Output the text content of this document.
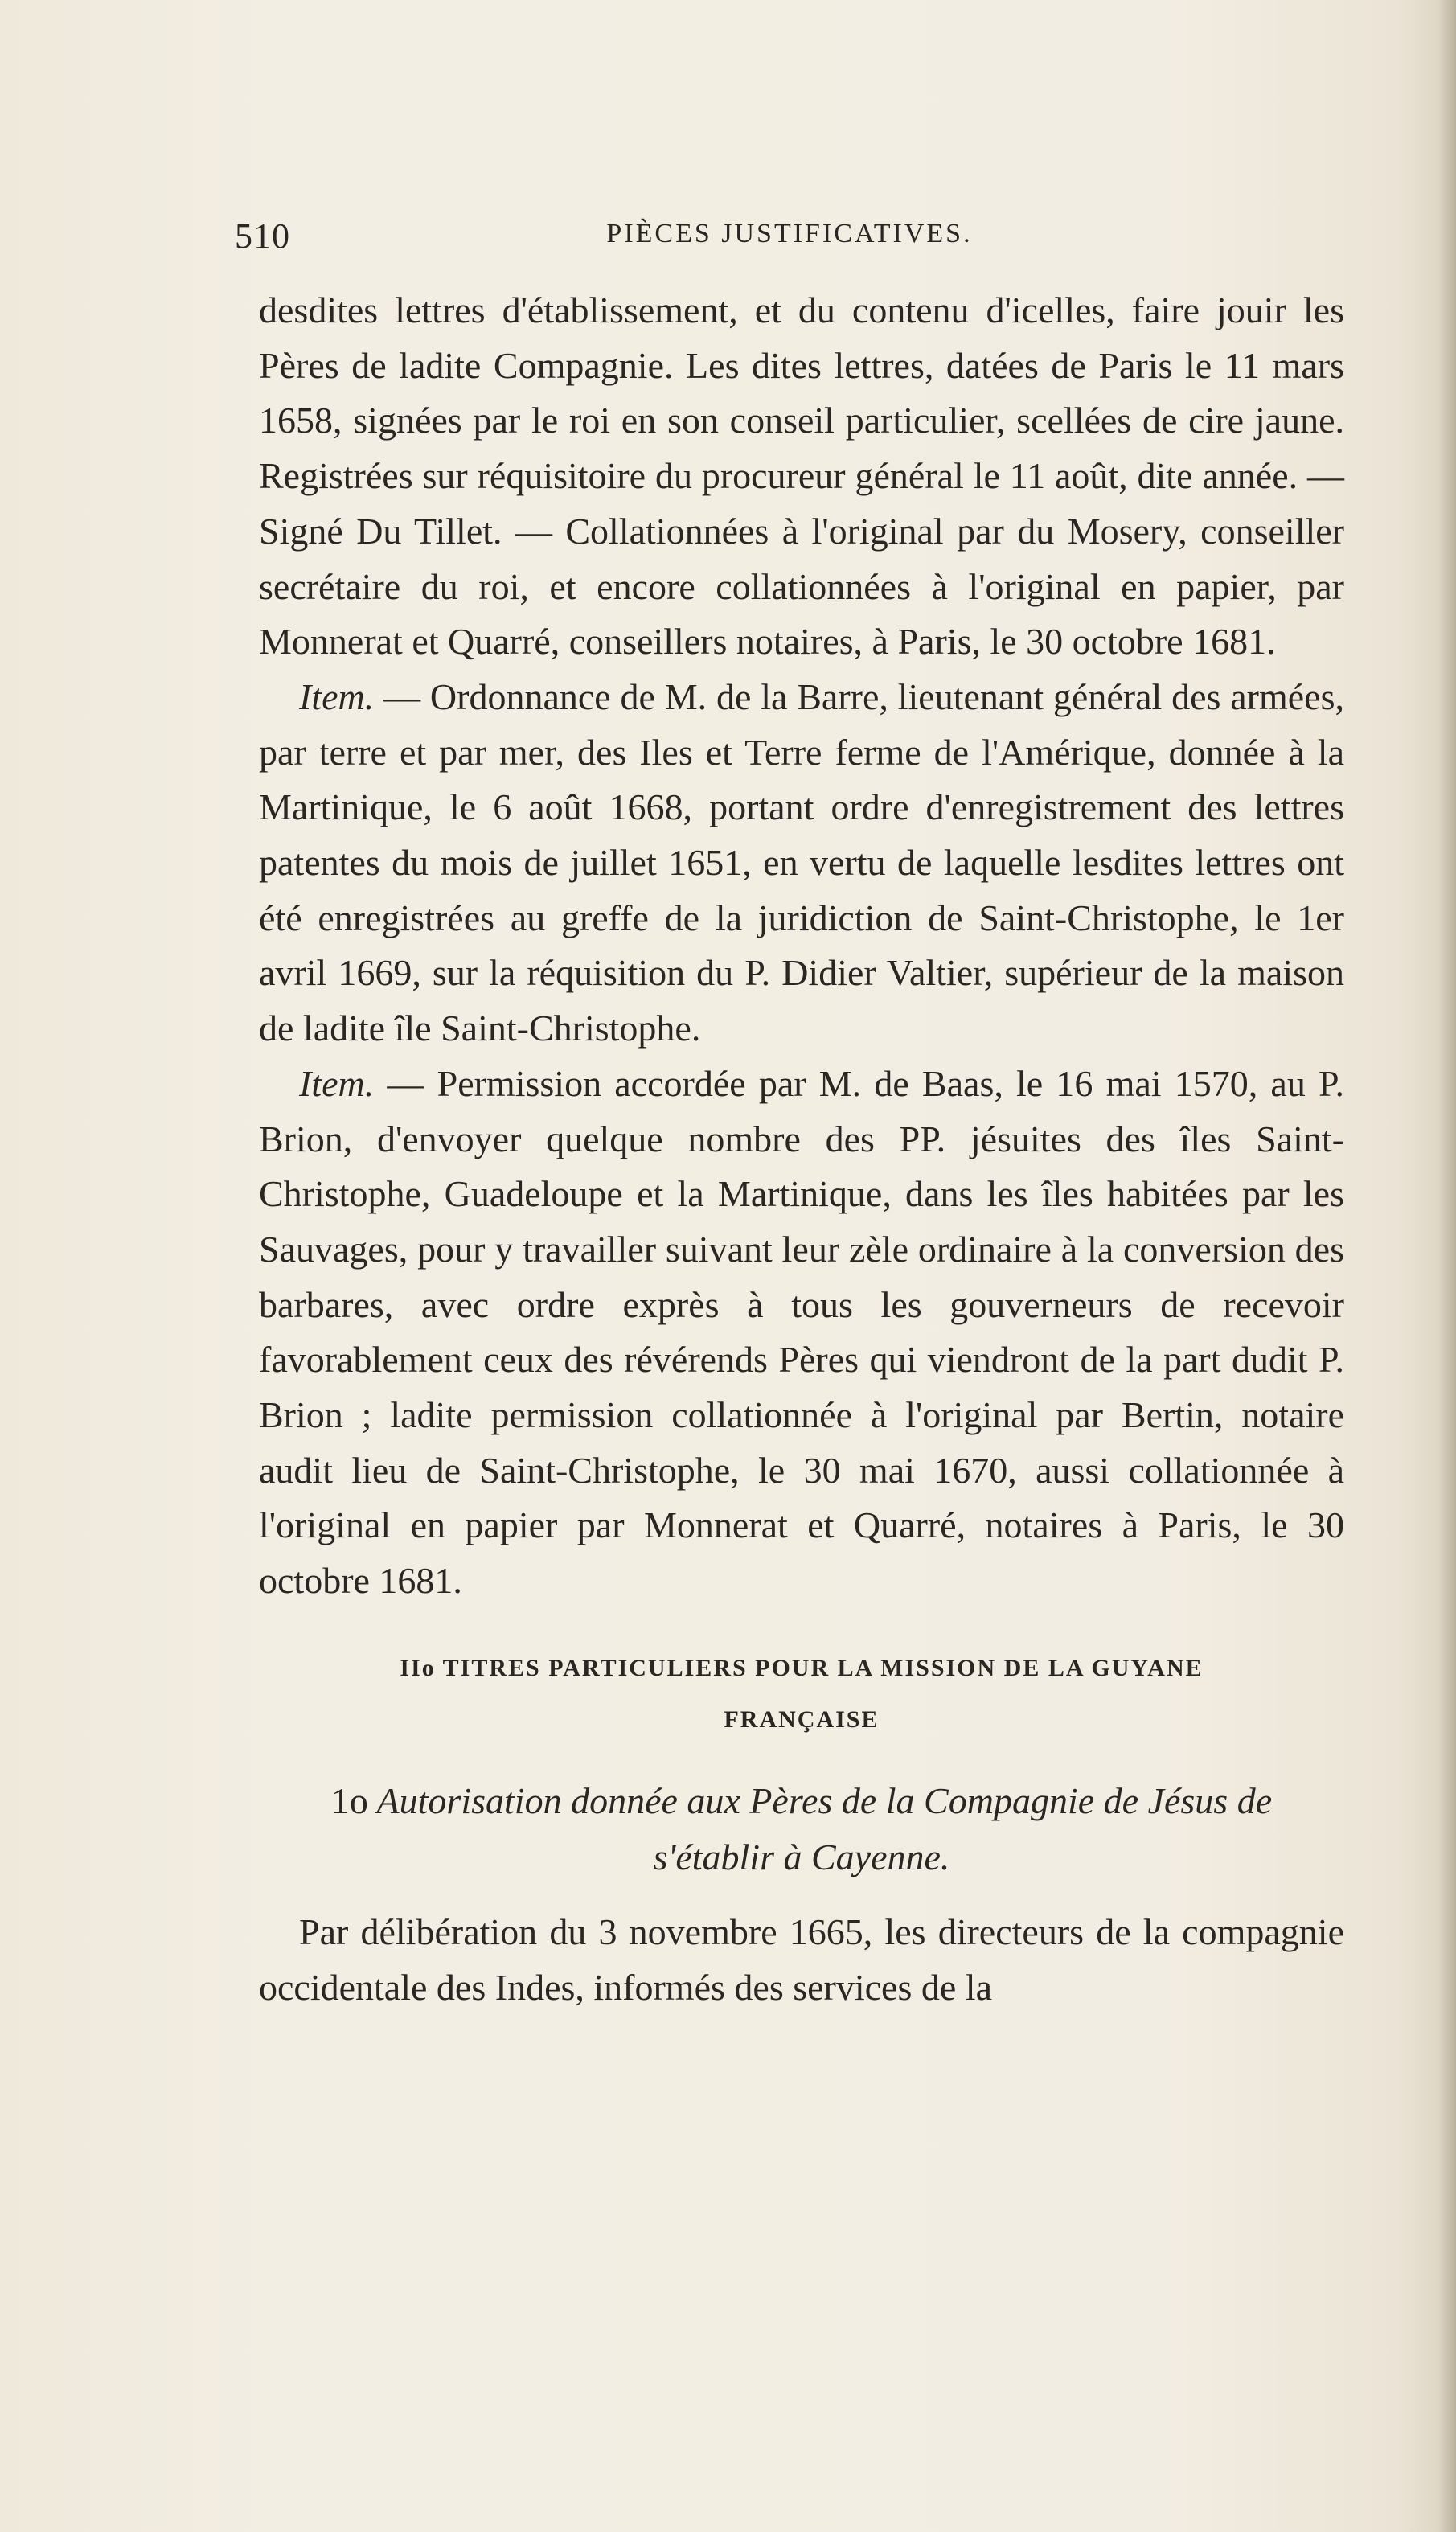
510	PIÈCES JUSTIFICATIVES.

desdites lettres d'établissement, et du contenu d'icelles, faire jouir les Pères de ladite Compagnie. Les dites lettres, datées de Paris le 11 mars 1658, signées par le roi en son conseil particulier, scellées de cire jaune. Registrées sur réquisitoire du procureur général le 11 août, dite année. — Signé Du Tillet. — Collationnées à l'original par du Mosery, conseiller secrétaire du roi, et encore collationnées à l'original en papier, par Monnerat et Quarré, conseillers notaires, à Paris, le 30 octobre 1681.

Item. — Ordonnance de M. de la Barre, lieutenant général des armées, par terre et par mer, des Iles et Terre ferme de l'Amérique, donnée à la Martinique, le 6 août 1668, portant ordre d'enregistrement des lettres patentes du mois de juillet 1651, en vertu de laquelle lesdites lettres ont été enregistrées au greffe de la juridiction de Saint-Christophe, le 1er avril 1669, sur la réquisition du P. Didier Valtier, supérieur de la maison de ladite île Saint-Christophe.

Item. — Permission accordée par M. de Baas, le 16 mai 1570, au P. Brion, d'envoyer quelque nombre des PP. jésuites des îles Saint-Christophe, Guadeloupe et la Martinique, dans les îles habitées par les Sauvages, pour y travailler suivant leur zèle ordinaire à la conversion des barbares, avec ordre exprès à tous les gouverneurs de recevoir favorablement ceux des révérends Pères qui viendront de la part dudit P. Brion ; ladite permission collationnée à l'original par Bertin, notaire audit lieu de Saint-Christophe, le 30 mai 1670, aussi collationnée à l'original en papier par Monnerat et Quarré, notaires à Paris, le 30 octobre 1681.

IIo TITRES PARTICULIERS POUR LA MISSION DE LA GUYANE
FRANÇAISE
1o Autorisation donnée aux Pères de la Compagnie de Jésus de
s'établir à Cayenne.

Par délibération du 3 novembre 1665, les directeurs de la compagnie occidentale des Indes, informés des services de la
